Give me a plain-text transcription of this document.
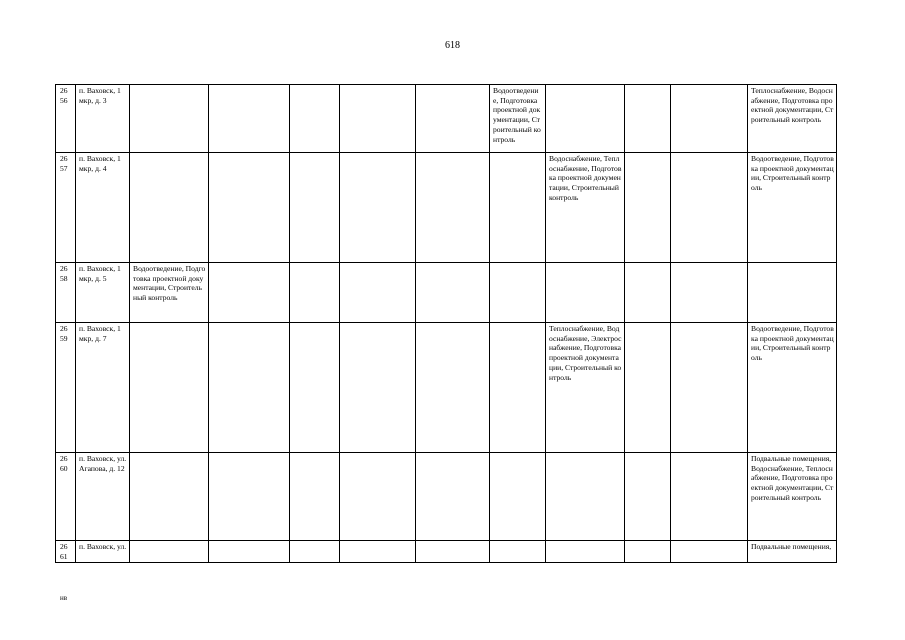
618
26
56	п. Ваховск, 1 мкр, д. 3						Водоотведение, Подготовка проектной документации, Строительный контроль				Теплоснабжение, Водоснабжение, Подготовка проектной документации, Строительный контроль	

26
57	п. Ваховск, 1 мкр, д. 4							Водоснабжение, Теплоснабжение, Подготовка проектной документации, Строительный контроль			Водоотведение, Подготовка проектной документации, Строительный контроль	

26
58	п. Ваховск, 1 мкр, д. 5	Водоотведение, Подготовка проектной документации, Строительный контроль										

26
59	п. Ваховск, 1 мкр, д. 7							Теплоснабжение, Водоснабжение, Электроснабжение, Подготовка проектной документации, Строительный контроль			Водоотведение, Подготовка проектной документации, Строительный контроль	

26
60	п. Ваховск, ул. Агапова, д. 12										Подвальные помещения, Водоснабжение, Теплоснабжение, Подготовка проектной документации, Строительный контроль	

26
61	п. Ваховск, ул.										Подвальные помещения,	
нв
